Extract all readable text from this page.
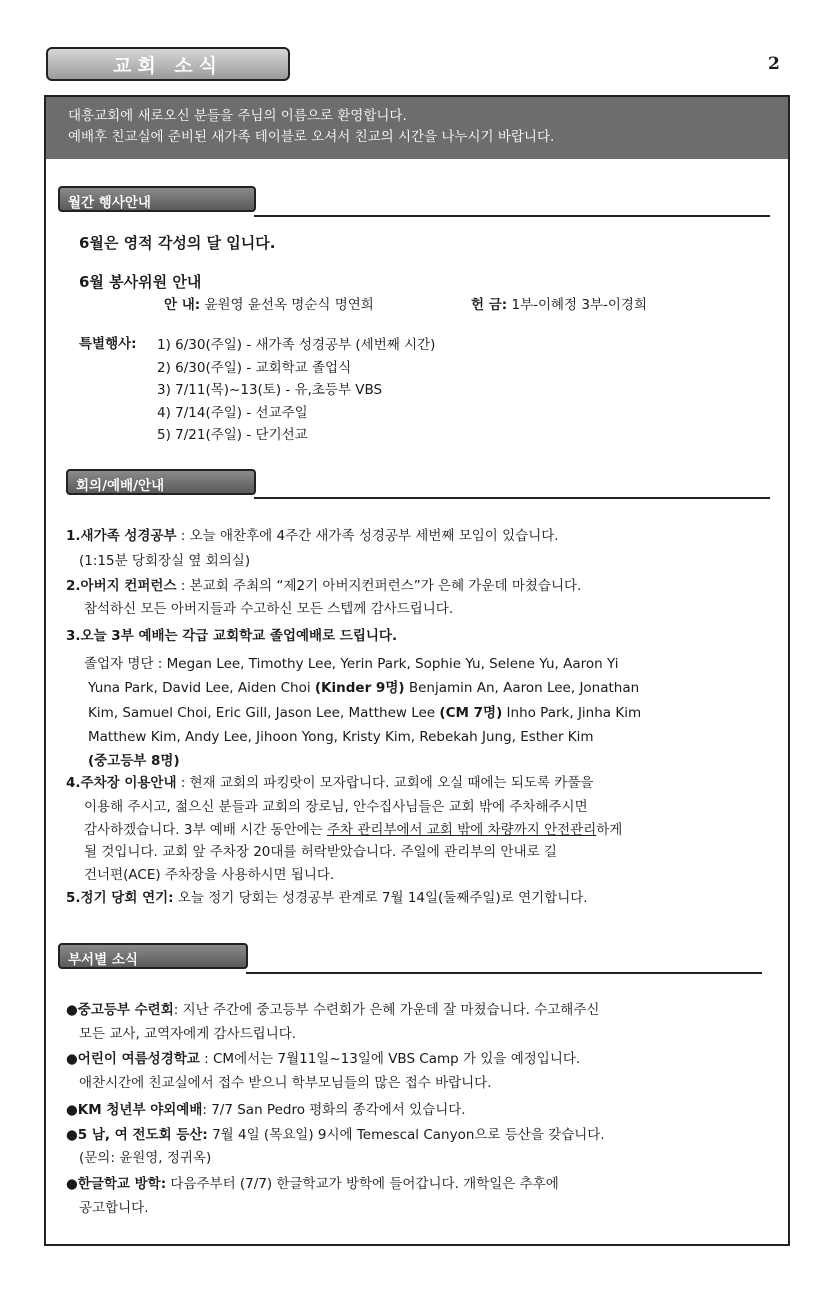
교회 소식	2
대흥교회에 새로오신 분들을 주님의 이름으로 환영합니다.
예배후 친교실에 준비된 새가족 테이블로 오셔서 친교의 시간을 나누시기 바랍니다.
월간 행사안내
6월은 영적 각성의 달 입니다.
6월 봉사위원 안내
안 내: 윤원영 윤선옥 명순식 명연희	헌 금: 1부-이혜정 3부-이경희
특별행사: 1) 6/30(주일) - 새가족 성경공부 (세번째 시간)
2) 6/30(주일) - 교회학교 졸업식
3) 7/11(목)~13(토) - 유,초등부 VBS
4) 7/14(주일) - 선교주일
5) 7/21(주일) - 단기선교
회의/예배/안내
1.새가족 성경공부 : 오늘 애찬후에 4주간 새가족 성경공부 세번째 모임이 있습니다.
(1:15분 당회장실 옆 회의실)
2.아버지 컨퍼런스 : 본교회 주최의 “제2기 아버지컨퍼런스”가 은혜 가운데 마쳤습니다.
참석하신 모든 아버지들과 수고하신 모든 스텝께 감사드립니다.
3.오늘 3부 예배는 각급 교회학교 졸업예배로 드립니다.
졸업자 명단 : Megan Lee, Timothy Lee, Yerin Park, Sophie Yu, Selene Yu, Aaron Yi
Yuna Park, David Lee, Aiden Choi (Kinder 9명) Benjamin An, Aaron Lee, Jonathan
Kim, Samuel Choi, Eric Gill, Jason Lee, Matthew Lee (CM 7명) Inho Park, Jinha Kim
Matthew Kim, Andy Lee, Jihoon Yong, Kristy Kim, Rebekah Jung, Esther Kim
(중고등부 8명)
4.주차장 이용안내 : 현재 교회의 파킹랏이 모자랍니다. 교회에 오실 때에는 되도록 카풀을
이용해 주시고, 젊으신 분들과 교회의 장로님, 안수집사님들은 교회 밖에 주차해주시면
감사하겠습니다. 3부 예배 시간 동안에는 주차 관리부에서 교회 밖에 차량까지 안전관리하게
될 것입니다. 교회 앞 주차장 20대를 허락받았습니다. 주일에 관리부의 안내로 길
건너편(ACE) 주차장을 사용하시면 됩니다.
5.정기 당회 연기: 오늘 정기 당회는 성경공부 관계로 7월 14일(둘째주일)로 연기합니다.
부서별 소식
●중고등부 수련회: 지난 주간에 중고등부 수련회가 은혜 가운데 잘 마쳤습니다. 수고해주신
모든 교사, 교역자에게 감사드립니다.
●어린이 여름성경학교 : CM에서는 7월11일~13일에 VBS Camp 가 있을 예정입니다.
애찬시간에 친교실에서 접수 받으니 학부모님들의 많은 접수 바랍니다.
●KM 청년부 야외예배: 7/7 San Pedro 평화의 종각에서 있습니다.
●5 남, 여 전도회 등산: 7월 4일 (목요일) 9시에 Temescal Canyon으로 등산을 갖습니다.
(문의: 윤원영, 정귀옥)
●한글학교 방학: 다음주부터 (7/7) 한글학교가 방학에 들어갑니다. 개학일은 추후에
공고합니다.
